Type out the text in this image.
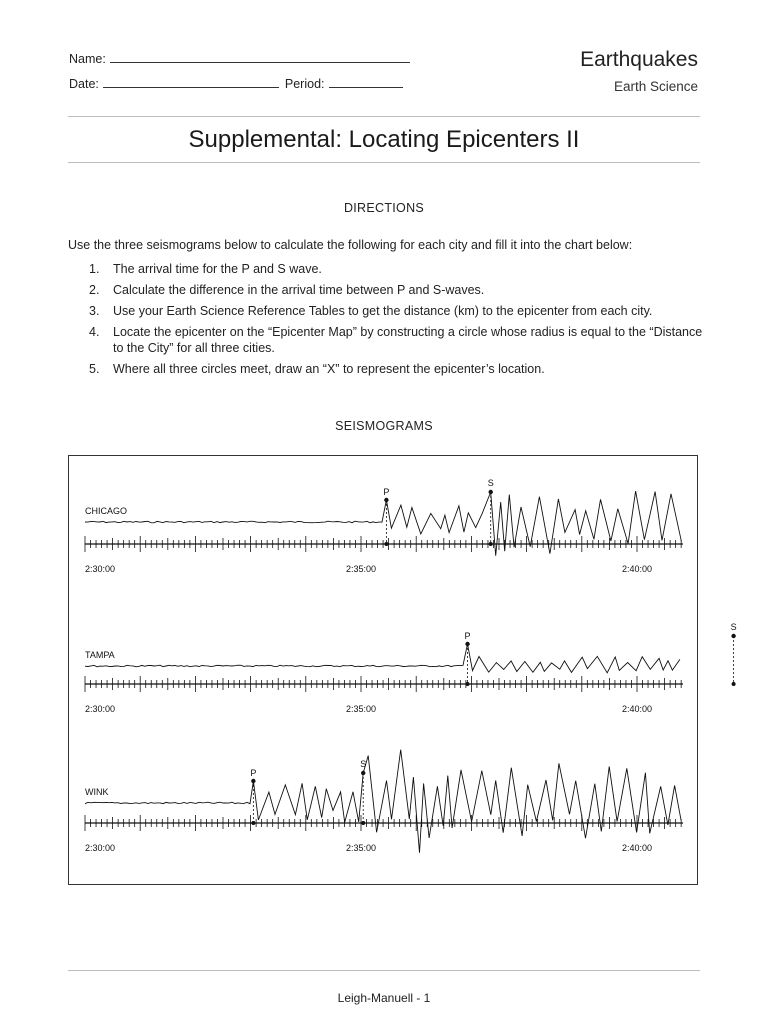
Name:
Date:	Period:
Earthquakes
Earth Science
Supplemental: Locating Epicenters II
DIRECTIONS
Use the three seismograms below to calculate the following for each city and fill it into the chart below:
1. The arrival time for the P and S wave.
2. Calculate the difference in the arrival time between P and S-waves.
3. Use your Earth Science Reference Tables to get the distance (km) to the epicenter from each city.
4. Locate the epicenter on the “Epicenter Map” by constructing a circle whose radius is equal to the “Distance to the City” for all three cities.
5. Where all three circles meet, draw an “X” to represent the epicenter’s location.
SEISMOGRAMS
CHICAGO
2:30:00	2:35:00	2:40:00
P
S
TAMPA
2:30:00	2:35:00	2:40:00
P
S
WINK
2:30:00	2:35:00	2:40:00
P
S
Leigh-Manuell - 1
